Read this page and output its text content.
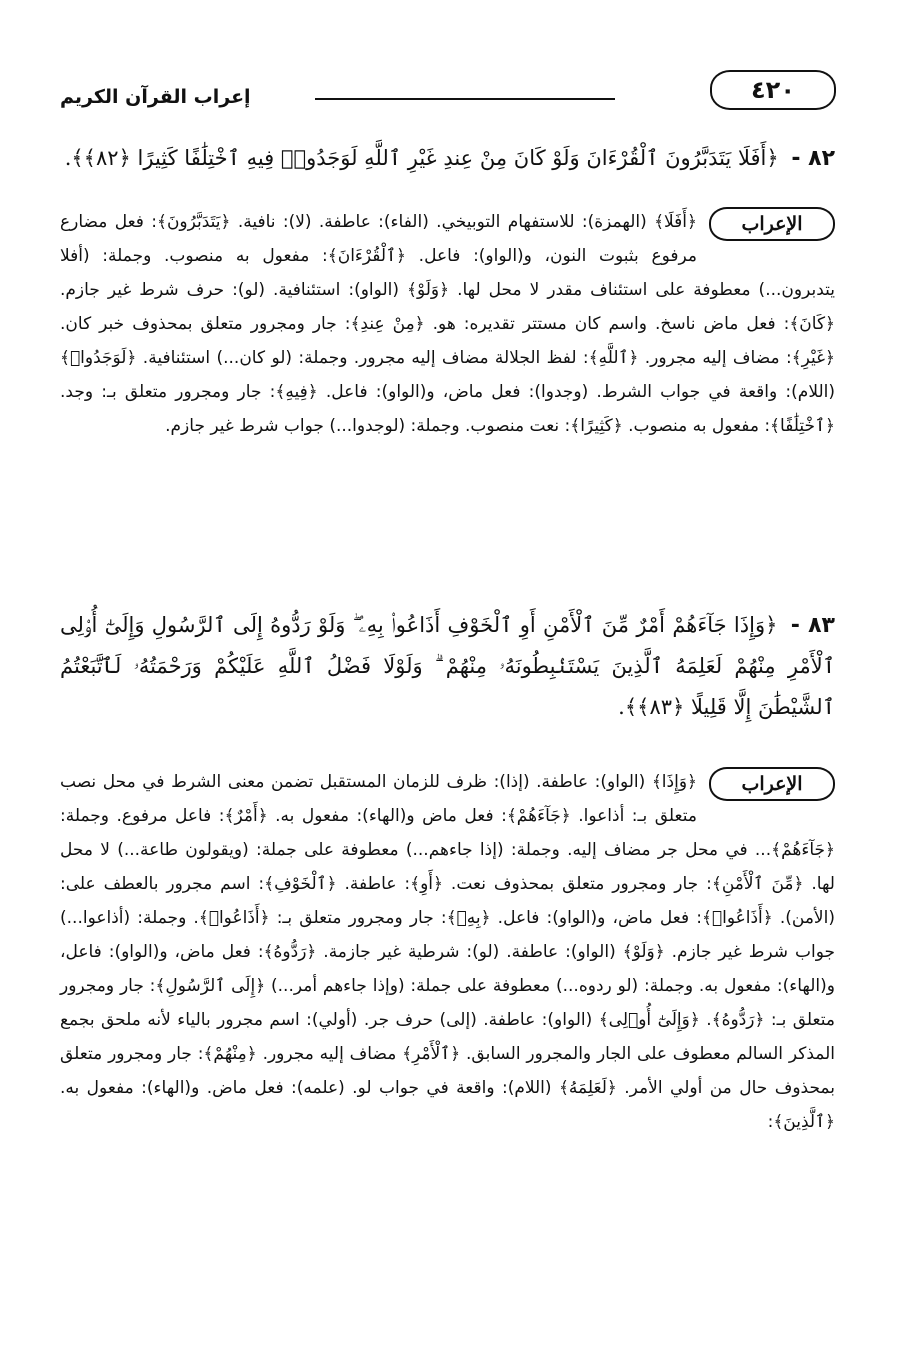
إعراب القرآن الكريم	٤٢٠
٨٢ - ﴿أَفَلَا يَتَدَبَّرُونَ ٱلْقُرْءَانَ وَلَوْ كَانَ مِنْ عِندِ غَيْرِ ٱللَّهِ لَوَجَدُوا۟ فِيهِ ٱخْتِلَٰفًا كَثِيرًا ﴿٨٢﴾﴾.
الإعراب
﴿أَفَلَا﴾ (الهمزة): للاستفهام التوبيخي. (الفاء): عاطفة. (لا): نافية. ﴿يَتَدَبَّرُونَ﴾: فعل مضارع مرفوع بثبوت النون، و(الواو): فاعل. ﴿ٱلْقُرْءَانَ﴾: مفعول به منصوب. وجملة: (أفلا يتدبرون...) معطوفة على استئناف مقدر لا محل لها. ﴿وَلَوْ﴾ (الواو): استئنافية. (لو): حرف شرط غير جازم. ﴿كَانَ﴾: فعل ماض ناسخ. واسم كان مستتر تقديره: هو. ﴿مِنْ عِندِ﴾: جار ومجرور متعلق بمحذوف خبر كان. ﴿غَيْرِ﴾: مضاف إليه مجرور. ﴿ٱللَّهِ﴾: لفظ الجلالة مضاف إليه مجرور. وجملة: (لو كان...) استئنافية. ﴿لَوَجَدُوا۟﴾ (اللام): واقعة في جواب الشرط. (وجدوا): فعل ماض، و(الواو): فاعل. ﴿فِيهِ﴾: جار ومجرور متعلق بـ: وجد. ﴿ٱخْتِلَٰفًا﴾: مفعول به منصوب. ﴿كَثِيرًا﴾: نعت منصوب. وجملة: (لوجدوا...) جواب شرط غير جازم.
٨٣ - ﴿وَإِذَا جَآءَهُمْ أَمْرٌ مِّنَ ٱلْأَمْنِ أَوِ ٱلْخَوْفِ أَذَاعُوا۟ بِهِۦ ۖ وَلَوْ رَدُّوهُ إِلَى ٱلرَّسُولِ وَإِلَىٰٓ أُو۟لِى ٱلْأَمْرِ مِنْهُمْ لَعَلِمَهُ ٱلَّذِينَ يَسْتَنۢبِطُونَهُۥ مِنْهُمْ ۗ وَلَوْلَا فَضْلُ ٱللَّهِ عَلَيْكُمْ وَرَحْمَتُهُۥ لَٱتَّبَعْتُمُ ٱلشَّيْطَٰنَ إِلَّا قَلِيلًا ﴿٨٣﴾﴾.
الإعراب
﴿وَإِذَا﴾ (الواو): عاطفة. (إذا): ظرف للزمان المستقبل تضمن معنى الشرط في محل نصب متعلق بـ: أذاعوا. ﴿جَآءَهُمْ﴾: فعل ماض و(الهاء): مفعول به. ﴿أَمْرٌ﴾: فاعل مرفوع. وجملة: ﴿جَآءَهُمْ﴾... في محل جر مضاف إليه. وجملة: (إذا جاءهم...) معطوفة على جملة: (ويقولون طاعة...) لا محل لها. ﴿مِّنَ ٱلْأَمْنِ﴾: جار ومجرور متعلق بمحذوف نعت. ﴿أَوِ﴾: عاطفة. ﴿ٱلْخَوْفِ﴾: اسم مجرور بالعطف على: (الأمن). ﴿أَذَاعُوا۟﴾: فعل ماض، و(الواو): فاعل. ﴿بِهِۦ﴾: جار ومجرور متعلق بـ: ﴿أَذَاعُوا۟﴾. وجملة: (أذاعوا...) جواب شرط غير جازم. ﴿وَلَوْ﴾ (الواو): عاطفة. (لو): شرطية غير جازمة. ﴿رَدُّوهُ﴾: فعل ماض، و(الواو): فاعل، و(الهاء): مفعول به. وجملة: (لو ردوه...) معطوفة على جملة: (وإذا جاءهم أمر...) ﴿إِلَى ٱلرَّسُولِ﴾: جار ومجرور متعلق بـ: ﴿رَدُّوهُ﴾. ﴿وَإِلَىٰٓ أُو۟لِى﴾ (الواو): عاطفة. (إلى) حرف جر. (أولي): اسم مجرور بالياء لأنه ملحق بجمع المذكر السالم معطوف على الجار والمجرور السابق. ﴿ٱلْأَمْرِ﴾ مضاف إليه مجرور. ﴿مِنْهُمْ﴾: جار ومجرور متعلق بمحذوف حال من أولي الأمر. ﴿لَعَلِمَهُ﴾ (اللام): واقعة في جواب لو. (علمه): فعل ماض. و(الهاء): مفعول به. ﴿ٱلَّذِينَ﴾:
